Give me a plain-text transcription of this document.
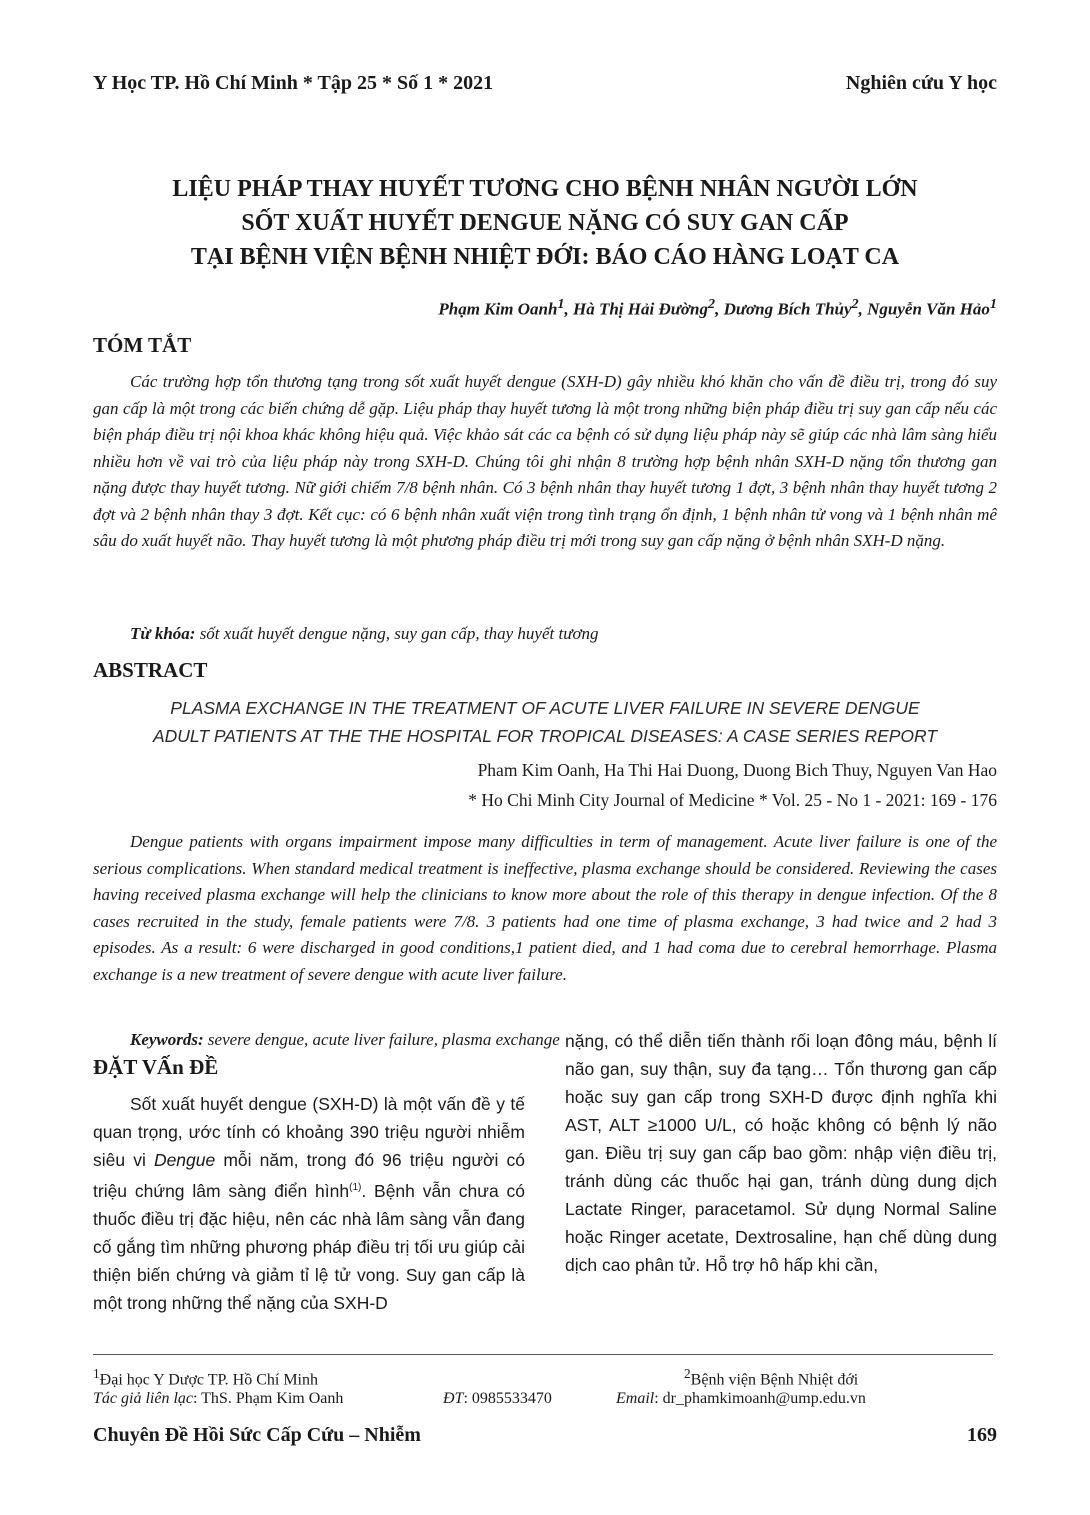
Y Học TP. Hồ Chí Minh * Tập 25 * Số 1 * 2021	Nghiên cứu Y học
LIỆU PHÁP THAY HUYẾT TƯƠNG CHO BỆNH NHÂN NGƯỜI LỚN
SỐT XUẤT HUYẾT DENGUE NẶNG CÓ SUY GAN CẤP
TẠI BỆNH VIỆN BỆNH NHIỆT ĐỚI: BÁO CÁO HÀNG LOẠT CA
Phạm Kim Oanh$^1$, Hà Thị Hải Đường$^2$, Dương Bích Thủy$^2$, Nguyễn Văn Hảo$^1$
TÓM TẮT
Các trường hợp tổn thương tạng trong sốt xuất huyết dengue (SXH-D) gây nhiều khó khăn cho vấn đề điều trị, trong đó suy gan cấp là một trong các biến chứng dễ gặp. Liệu pháp thay huyết tương là một trong những biện pháp điều trị suy gan cấp nếu các biện pháp điều trị nội khoa khác không hiệu quả. Việc khảo sát các ca bệnh có sử dụng liệu pháp này sẽ giúp các nhà lâm sàng hiểu nhiều hơn về vai trò của liệu pháp này trong SXH-D. Chúng tôi ghi nhận 8 trường hợp bệnh nhân SXH-D nặng tổn thương gan nặng được thay huyết tương. Nữ giới chiếm 7/8 bệnh nhân. Có 3 bệnh nhân thay huyết tương 1 đợt, 3 bệnh nhân thay huyết tương 2 đợt và 2 bệnh nhân thay 3 đợt. Kết cục: có 6 bệnh nhân xuất viện trong tình trạng ổn định, 1 bệnh nhân tử vong và 1 bệnh nhân mê sâu do xuất huyết não. Thay huyết tương là một phương pháp điều trị mới trong suy gan cấp nặng ở bệnh nhân SXH-D nặng.
Từ khóa: sốt xuất huyết dengue nặng, suy gan cấp, thay huyết tương
ABSTRACT
PLASMA EXCHANGE IN THE TREATMENT OF ACUTE LIVER FAILURE IN SEVERE DENGUE
ADULT PATIENTS AT THE THE HOSPITAL FOR TROPICAL DISEASES: A CASE SERIES REPORT
Pham Kim Oanh, Ha Thi Hai Duong, Duong Bich Thuy, Nguyen Van Hao
* Ho Chi Minh City Journal of Medicine * Vol. 25 - No 1 - 2021: 169 - 176
Dengue patients with organs impairment impose many difficulties in term of management. Acute liver failure is one of the serious complications. When standard medical treatment is ineffective, plasma exchange should be considered. Reviewing the cases having received plasma exchange will help the clinicians to know more about the role of this therapy in dengue infection. Of the 8 cases recruited in the study, female patients were 7/8. 3 patients had one time of plasma exchange, 3 had twice and 2 had 3 episodes. As a result: 6 were discharged in good conditions,1 patient died, and 1 had coma due to cerebral hemorrhage. Plasma exchange is a new treatment of severe dengue with acute liver failure.
Keywords: severe dengue, acute liver failure, plasma exchange
ĐẶT VẤn ĐỀ
Sốt xuất huyết dengue (SXH-D) là một vấn đề y tế quan trọng, ước tính có khoảng 390 triệu người nhiễm siêu vi Dengue mỗi năm, trong đó 96 triệu người có triệu chứng lâm sàng điển hình$^{(1)}$. Bệnh vẫn chưa có thuốc điều trị đặc hiệu, nên các nhà lâm sàng vẫn đang cố gắng tìm những phương pháp điều trị tối ưu giúp cải thiện biến chứng và giảm tỉ lệ tử vong. Suy gan cấp là một trong những thể nặng của SXH-D
nặng, có thể diễn tiến thành rối loạn đông máu, bệnh lí não gan, suy thận, suy đa tạng… Tổn thương gan cấp hoặc suy gan cấp trong SXH-D được định nghĩa khi AST, ALT ≥1000 U/L, có hoặc không có bệnh lý não gan. Điều trị suy gan cấp bao gồm: nhập viện điều trị, tránh dùng các thuốc hại gan, tránh dùng dung dịch Lactate Ringer, paracetamol. Sử dụng Normal Saline hoặc Ringer acetate, Dextrosaline, hạn chế dùng dung dịch cao phân tử. Hỗ trợ hô hấp khi cần,
$^1$Đại học Y Dược TP. Hồ Chí Minh	$^2$Bệnh viện Bệnh Nhiệt đới
Tác giả liên lạc: ThS. Phạm Kim Oanh	ĐT: 0985533470	Email: dr_phamkimoanh@ump.edu.vn
Chuyên Đề Hồi Sức Cấp Cứu – Nhiễm	169
